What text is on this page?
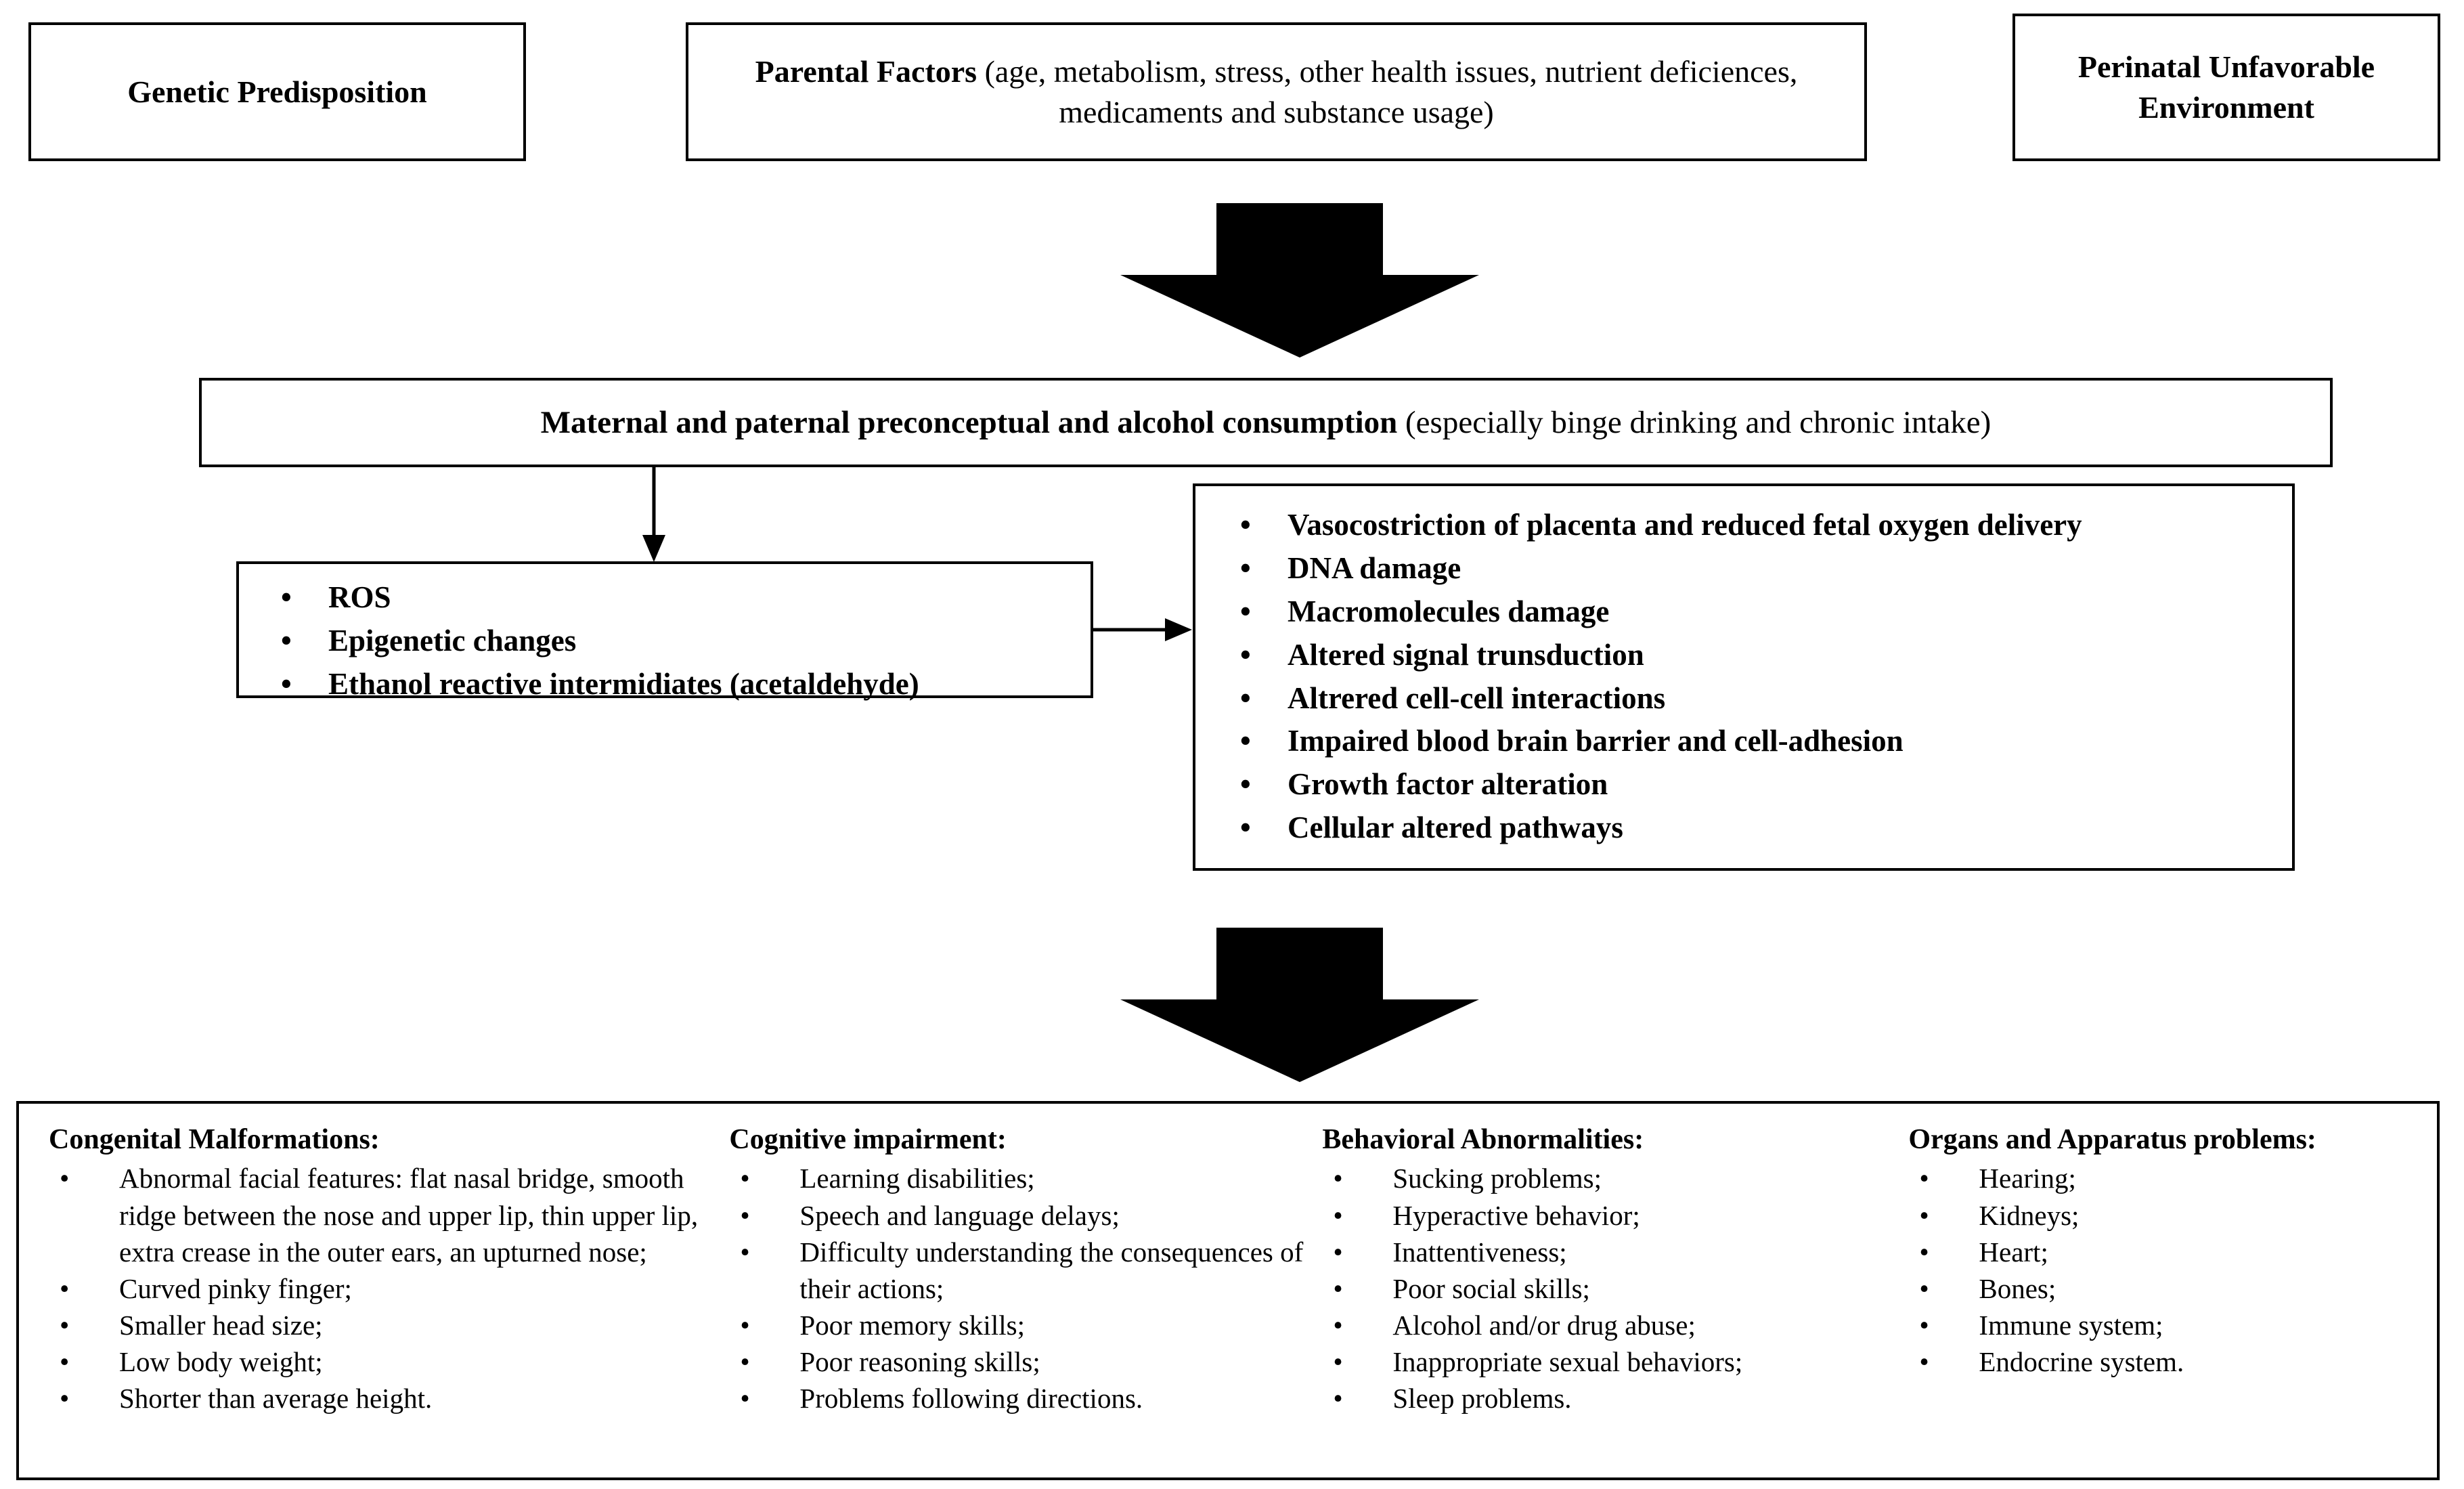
Genetic Predisposition
Parental Factors (age, metabolism, stress, other health issues, nutrient deficiences, medicaments and substance usage)
Perinatal Unfavorable Environment
Maternal and paternal preconceptual and alcohol consumption (especially binge drinking and chronic intake)
• ROS
• Epigenetic changes
• Ethanol reactive intermidiates (acetaldehyde)
• Vasocostriction of placenta and reduced fetal oxygen delivery
• DNA damage
• Macromolecules damage
• Altered signal trunsduction
• Altrered cell-cell interactions
• Impaired blood brain barrier and cell-adhesion
• Growth factor alteration
• Cellular altered pathways
Congenital Malformations:
• Abnormal facial features: flat nasal bridge, smooth ridge between the nose and upper lip, thin upper lip, extra crease in the outer ears, an upturned nose;
• Curved pinky finger;
• Smaller head size;
• Low body weight;
• Shorter than average height.
Cognitive impairment:
• Learning disabilities;
• Speech and language delays;
• Difficulty understanding the consequences of their actions;
• Poor memory skills;
• Poor reasoning skills;
• Problems following directions.
Behavioral Abnormalities:
• Sucking problems;
• Hyperactive behavior;
• Inattentiveness;
• Poor social skills;
• Alcohol and/or drug abuse;
• Inappropriate sexual behaviors;
• Sleep problems.
Organs and Apparatus problems:
• Hearing;
• Kidneys;
• Heart;
• Bones;
• Immune system;
• Endocrine system.
